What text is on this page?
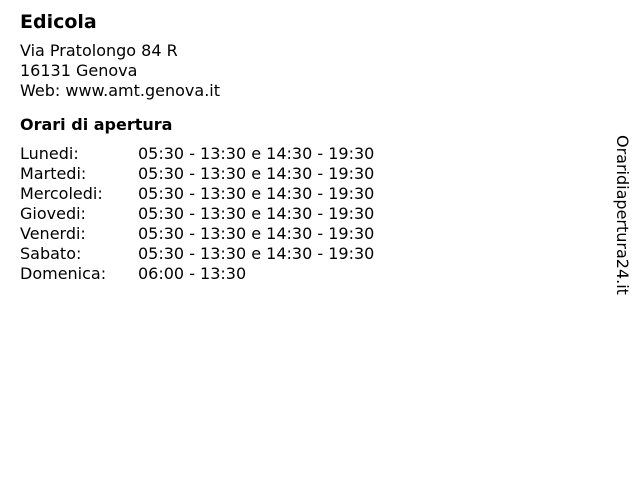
Edicola
Via Pratolongo 84 R
16131 Genova
Web: www.amt.genova.it
Orari di apertura
Lunedi:	05:30 - 13:30 e 14:30 - 19:30
Martedi:	05:30 - 13:30 e 14:30 - 19:30
Mercoledi:	05:30 - 13:30 e 14:30 - 19:30
Giovedi:	05:30 - 13:30 e 14:30 - 19:30
Venerdi:	05:30 - 13:30 e 14:30 - 19:30
Sabato:	05:30 - 13:30 e 14:30 - 19:30
Domenica:	06:00 - 13:30	Oraridiapertura24.it
